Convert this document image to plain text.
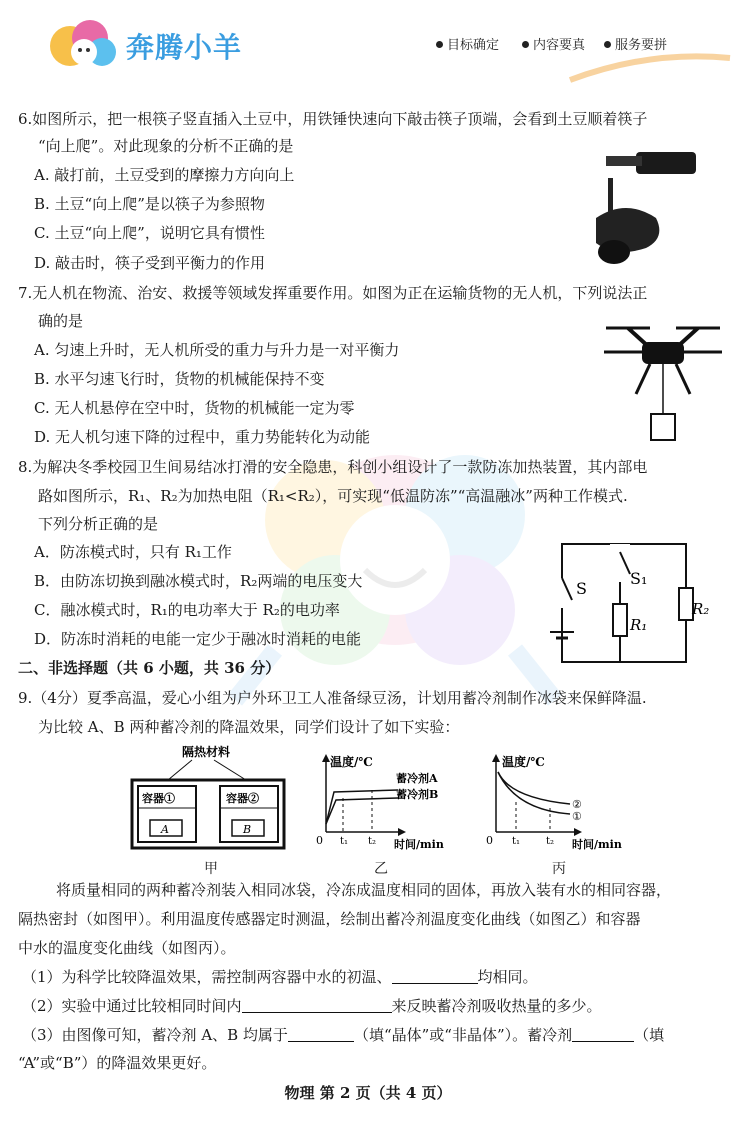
奔腾小羊	目标确定	内容要真	服务要拼
6.如图所示，把一根筷子竖直插入土豆中，用铁锤快速向下敲击筷子顶端，会看到土豆顺着筷子
“向上爬”。对此现象的分析不正确的是
A. 敲打前，土豆受到的摩擦力方向向上
B. 土豆“向上爬”是以筷子为参照物
C. 土豆“向上爬”，说明它具有惯性
D. 敲击时，筷子受到平衡力的作用
7.无人机在物流、治安、救援等领域发挥重要作用。如图为正在运输货物的无人机，下列说法正
确的是
A. 匀速上升时，无人机所受的重力与升力是一对平衡力
B. 水平匀速飞行时，货物的机械能保持不变
C. 无人机悬停在空中时，货物的机械能一定为零
D. 无人机匀速下降的过程中，重力势能转化为动能
8.为解决冬季校园卫生间易结冰打滑的安全隐患，科创小组设计了一款防冻加热装置，其内部电
路如图所示，R₁、R₂为加热电阻（R₁<R₂），可实现“低温防冻”“高温融冰”两种工作模式.
下列分析正确的是
A．防冻模式时，只有 R₁工作
B．由防冻切换到融冰模式时，R₂两端的电压变大
C．融冰模式时，R₁的电功率大于 R₂的电功率
D．防冻时消耗的电能一定少于融冰时消耗的电能
二、非选择题（共 6 小题，共 36 分）
9.（4分）夏季高温，爱心小组为户外环卫工人准备绿豆汤，计划用蓄冷剂制作冰袋来保鲜降温.
为比较 A、B 两种蓄冷剂的降温效果，同学们设计了如下实验：
将质量相同的两种蓄冷剂装入相同冰袋，冷冻成温度相同的固体，再放入装有水的相同容器，
隔热密封（如图甲）。利用温度传感器定时测温，绘制出蓄冷剂温度变化曲线（如图乙）和容器
中水的温度变化曲线（如图丙）。
（1）为科学比较降温效果，需控制两容器中水的初温、	均相同。
（2）实验中通过比较相同时间内	来反映蓄冷剂吸收热量的多少。
（3）由图像可知，蓄冷剂 A、B 均属于	（填“晶体”或“非晶体”）。蓄冷剂	（填
“A”或“B”）的降温效果更好。
S
S₁
R₁
R₂
隔热材料
容器①	容器②
A	B
甲
温度/℃
时间/min
0 t₁ t₂
蓄冷剂A
蓄冷剂B
乙
温度/℃
时间/min
0 t₁	t₂
②
①
丙
物理 第 2 页（共 4 页）
